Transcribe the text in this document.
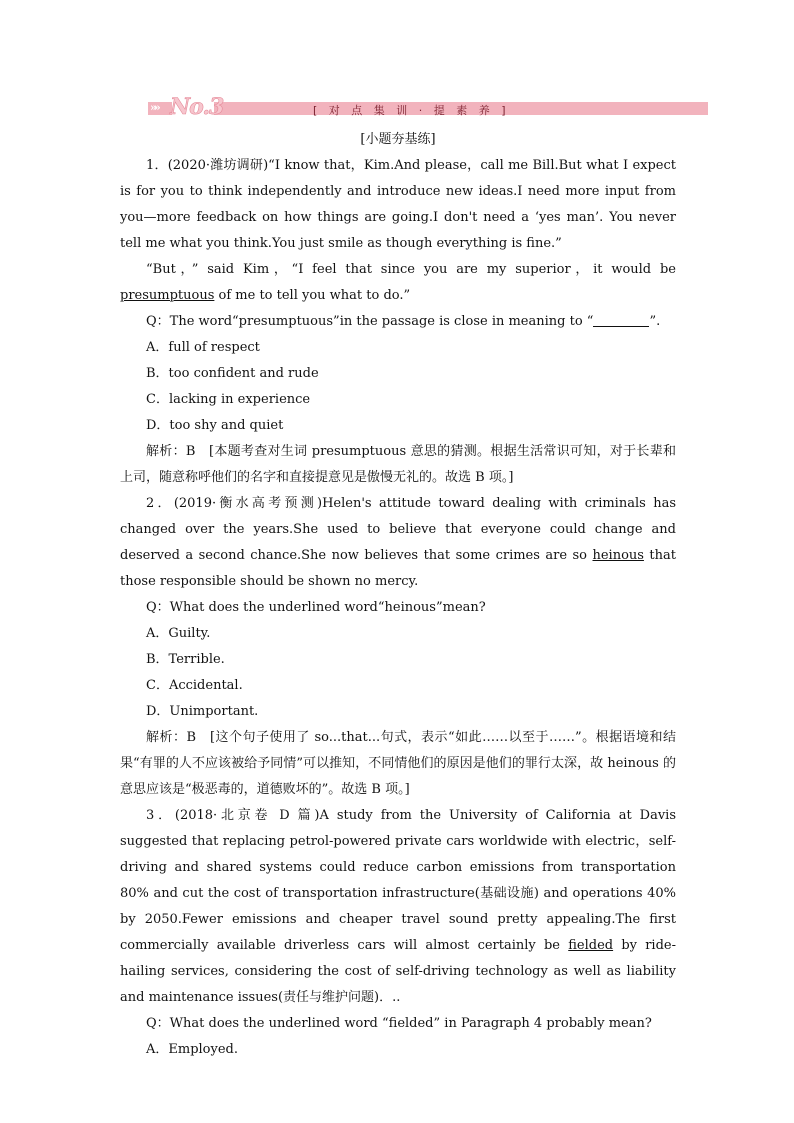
»» No.3	[ 对 点 集 训 · 提 素 养 ]
[小题夯基练]

1．(2020·潍坊调研)“I know that，Kim.And please，call me Bill.But what I expect is for you to think independently and introduce new ideas.I need more input from you—more feedback on how things are going.I don't need a ‘yes man’. You never tell me what you think.You just smile as though everything is fine.”

“But，” said Kim，“I feel that since you are my superior，it would be presumptuous of me to tell you what to do.”

Q：The word“presumptuous”in the passage is close in meaning to “	”.

A．full of respect

B．too confident and rude

C．lacking in experience

D．too shy and quiet

解析：B　[本题考查对生词 presumptuous 意思的猜测。根据生活常识可知，对于长辈和上司，随意称呼他们的名字和直接提意见是傲慢无礼的。故选 B 项。]

2．(2019·衡水高考预测)Helen's attitude toward dealing with criminals has changed over the years.She used to believe that everyone could change and deserved a second chance.She now believes that some crimes are so heinous that those responsible should be shown no mercy.

Q：What does the underlined word“heinous”mean?

A．Guilty.

B．Terrible.

C．Accidental.

D．Unimportant.

解析：B　[这个句子使用了 so...that...句式，表示“如此……以至于……”。根据语境和结果“有罪的人不应该被给予同情”可以推知，不同情他们的原因是他们的罪行太深，故 heinous 的意思应该是“极恶毒的，道德败坏的”。故选 B 项。]

3．(2018·北京卷 D 篇)A study from the University of California at Davis suggested that replacing petrol-powered private cars worldwide with electric，self-driving and shared systems could reduce carbon emissions from transportation 80% and cut the cost of transportation infrastructure(基础设施) and operations 40% by 2050.Fewer emissions and cheaper travel sound pretty appealing.The first commercially available driverless cars will almost certainly be fielded by ride-hailing services, considering the cost of self-driving technology as well as liability and maintenance issues(责任与维护问题)．..

Q：What does the underlined word “fielded” in Paragraph 4 probably mean?

A．Employed.
